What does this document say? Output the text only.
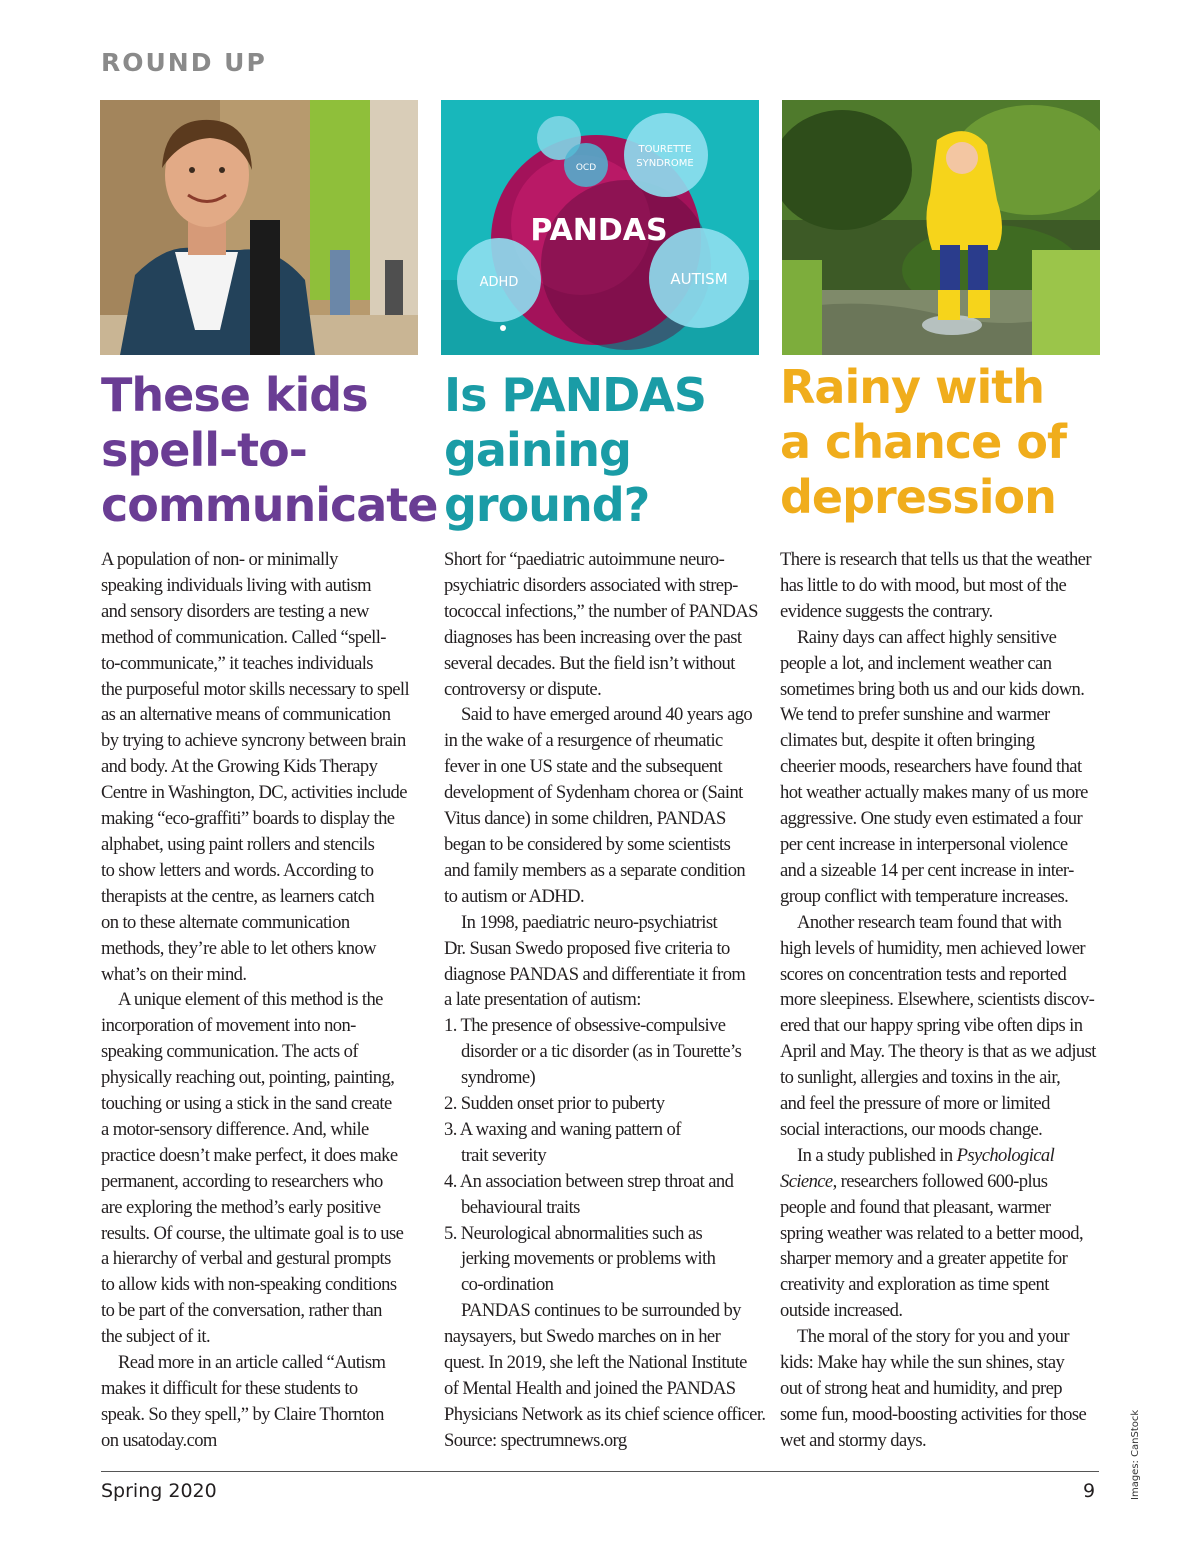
ROUND UP
OCD
TOURETTE
SYNDROME
PANDAS
ADHD	AUTISM
These kids
spell-to-
communicate
A population of non- or minimally
speaking individuals living with autism
and sensory disorders are testing a new
method of communication. Called “spell-
to-communicate,” it teaches individuals
the purposeful motor skills necessary to spell
as an alternative means of communication
by trying to achieve syncrony between brain
and body. At the Growing Kids Therapy
Centre in Washington, DC, activities include
making “eco-graffiti” boards to display the
alphabet, using paint rollers and stencils
to show letters and words. According to
therapists at the centre, as learners catch
on to these alternate communication
methods, they’re able to let others know
what’s on their mind.
A unique element of this method is the
incorporation of movement into non-
speaking communication. The acts of
physically reaching out, pointing, painting,
touching or using a stick in the sand create
a motor-sensory difference. And, while
practice doesn’t make perfect, it does make
permanent, according to researchers who
are exploring the method’s early positive
results. Of course, the ultimate goal is to use
a hierarchy of verbal and gestural prompts
to allow kids with non-speaking conditions
to be part of the conversation, rather than
the subject of it.
Read more in an article called “Autism
makes it difficult for these students to
speak. So they spell,” by Claire Thornton
on usatoday.com
Is PANDAS
gaining
ground?
Short for “paediatric autoimmune neuro-
psychiatric disorders associated with strep-
tococcal infections,” the number of PANDAS
diagnoses has been increasing over the past
several decades. But the field isn’t without
controversy or dispute.
Said to have emerged around 40 years ago
in the wake of a resurgence of rheumatic
fever in one US state and the subsequent
development of Sydenham chorea or (Saint
Vitus dance) in some children, PANDAS
began to be considered by some scientists
and family members as a separate condition
to autism or ADHD.
In 1998, paediatric neuro-psychiatrist
Dr. Susan Swedo proposed five criteria to
diagnose PANDAS and differentiate it from
a late presentation of autism:
1. The presence of obsessive-compulsive
disorder or a tic disorder (as in Tourette’s
syndrome)
2. Sudden onset prior to puberty
3. A waxing and waning pattern of
trait severity
4. An association between strep throat and
behavioural traits
5. Neurological abnormalities such as
jerking movements or problems with
co-ordination
PANDAS continues to be surrounded by
naysayers, but Swedo marches on in her
quest. In 2019, she left the National Institute
of Mental Health and joined the PANDAS
Physicians Network as its chief science officer.
Source: spectrumnews.org
Rainy with
a chance of
depression
There is research that tells us that the weather
has little to do with mood, but most of the
evidence suggests the contrary.
Rainy days can affect highly sensitive
people a lot, and inclement weather can
sometimes bring both us and our kids down.
We tend to prefer sunshine and warmer
climates but, despite it often bringing
cheerier moods, researchers have found that
hot weather actually makes many of us more
aggressive. One study even estimated a four
per cent increase in interpersonal violence
and a sizeable 14 per cent increase in inter-
group conflict with temperature increases.
Another research team found that with
high levels of humidity, men achieved lower
scores on concentration tests and reported
more sleepiness. Elsewhere, scientists discov-
ered that our happy spring vibe often dips in
April and May. The theory is that as we adjust
to sunlight, allergies and toxins in the air,
and feel the pressure of more or limited
social interactions, our moods change.
In a study published in Psychological
Science, researchers followed 600-plus
people and found that pleasant, warmer
spring weather was related to a better mood,
sharper memory and a greater appetite for
creativity and exploration as time spent
outside increased.
The moral of the story for you and your
kids: Make hay while the sun shines, stay
out of strong heat and humidity, and prep
some fun, mood-boosting activities for those
wet and stormy days.
Spring 2020	9	Images: CanStock
